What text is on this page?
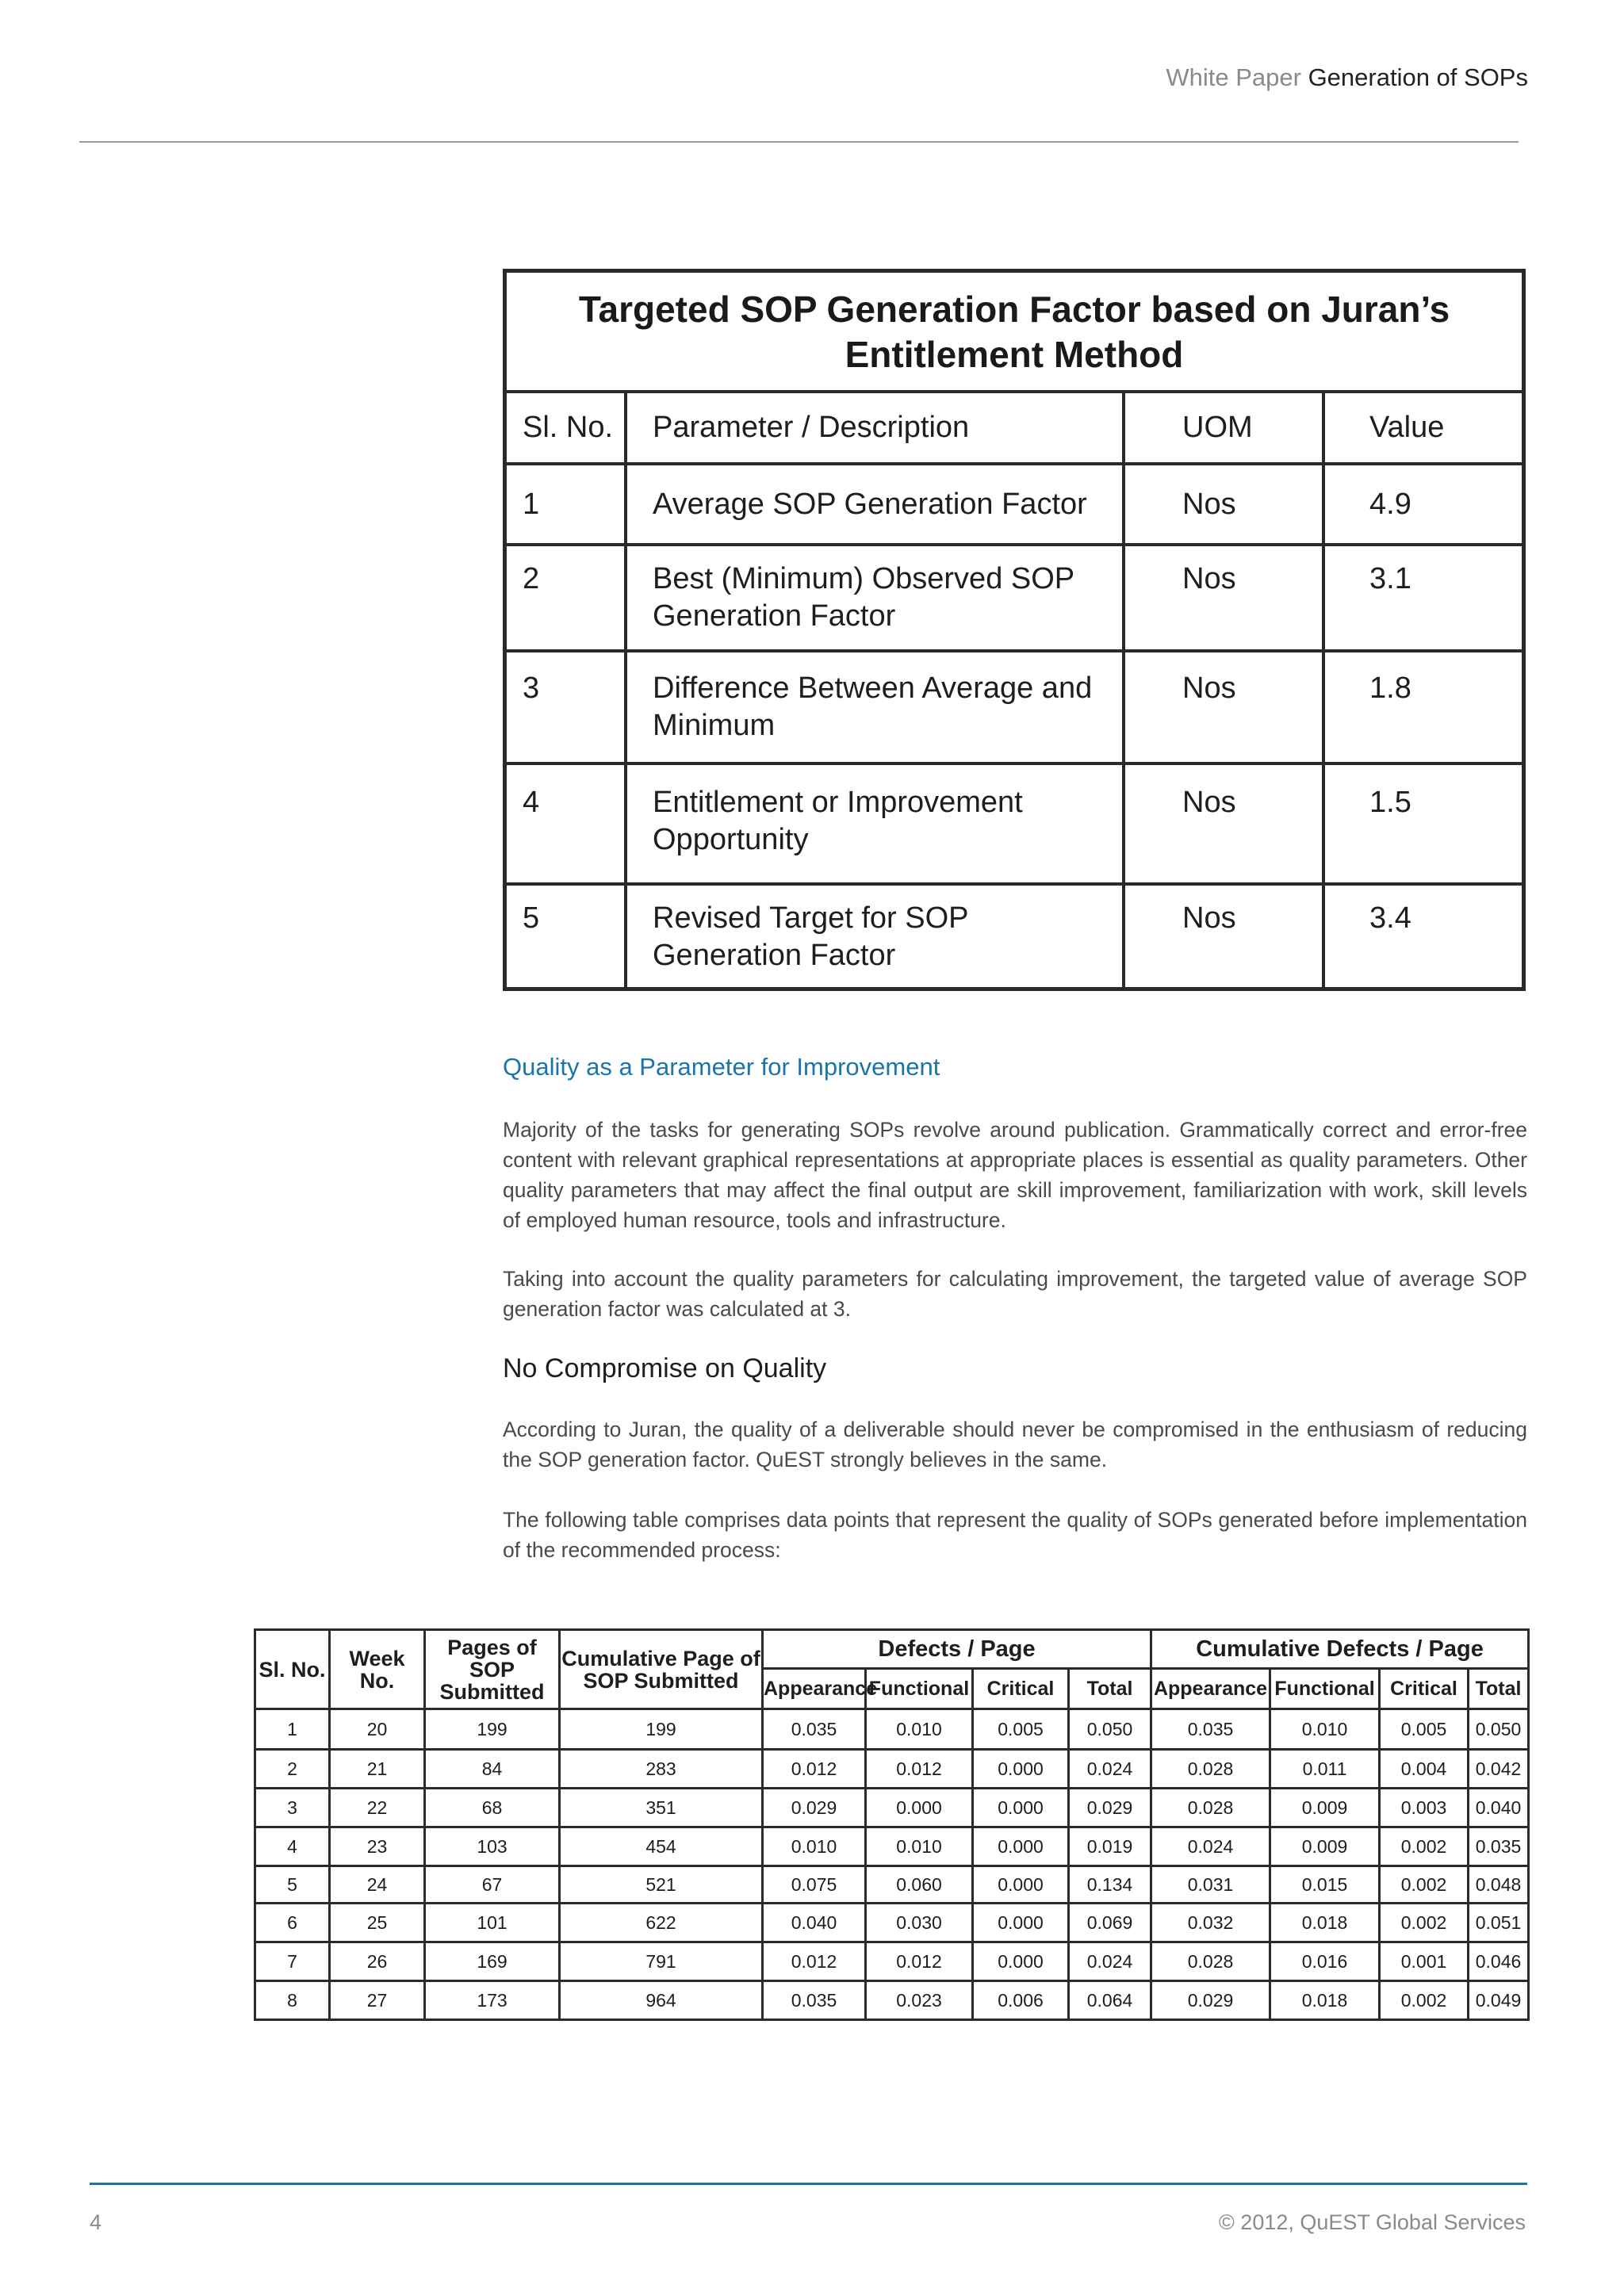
White Paper Generation of SOPs
Targeted SOP Generation Factor based on Juran’s Entitlement Method
Sl. No.	Parameter / Description	UOM	Value
1	Average SOP Generation Factor	Nos	4.9
2	Best (Minimum) Observed SOP Generation Factor	Nos	3.1
3	Difference Between Average and Minimum	Nos	1.8
4	Entitlement or Improvement Opportunity	Nos	1.5
5	Revised Target for SOP Generation Factor	Nos	3.4
Quality as a Parameter for Improvement

Majority of the tasks for generating SOPs revolve around publication. Grammatically correct and error-free content with relevant graphical representations at appropriate places is essential as quality parameters. Other quality parameters that may affect the final output are skill improvement, familiarization with work, skill levels of employed human resource, tools and infrastructure.

Taking into account the quality parameters for calculating improvement, the targeted value of average SOP generation factor was calculated at 3.

No Compromise on Quality

According to Juran, the quality of a deliverable should never be compromised in the enthusiasm of reducing the SOP generation factor. QuEST strongly believes in the same.

The following table comprises data points that represent the quality of SOPs generated before implementation of the recommended process:

Sl. No.	Week No.	Pages of SOP Submitted	Cumulative Page of SOP Submitted	Defects / Page				Cumulative Defects / Page			
				Appearance	Functional	Critical	Total	Appearance	Functional	Critical	Total
1	20	199	199	0.035	0.010	0.005	0.050	0.035	0.010	0.005	0.050
2	21	84	283	0.012	0.012	0.000	0.024	0.028	0.011	0.004	0.042
3	22	68	351	0.029	0.000	0.000	0.029	0.028	0.009	0.003	0.040
4	23	103	454	0.010	0.010	0.000	0.019	0.024	0.009	0.002	0.035
5	24	67	521	0.075	0.060	0.000	0.134	0.031	0.015	0.002	0.048
6	25	101	622	0.040	0.030	0.000	0.069	0.032	0.018	0.002	0.051
7	26	169	791	0.012	0.012	0.000	0.024	0.028	0.016	0.001	0.046
8	27	173	964	0.035	0.023	0.006	0.064	0.029	0.018	0.002	0.049
4	© 2012, QuEST Global Services
